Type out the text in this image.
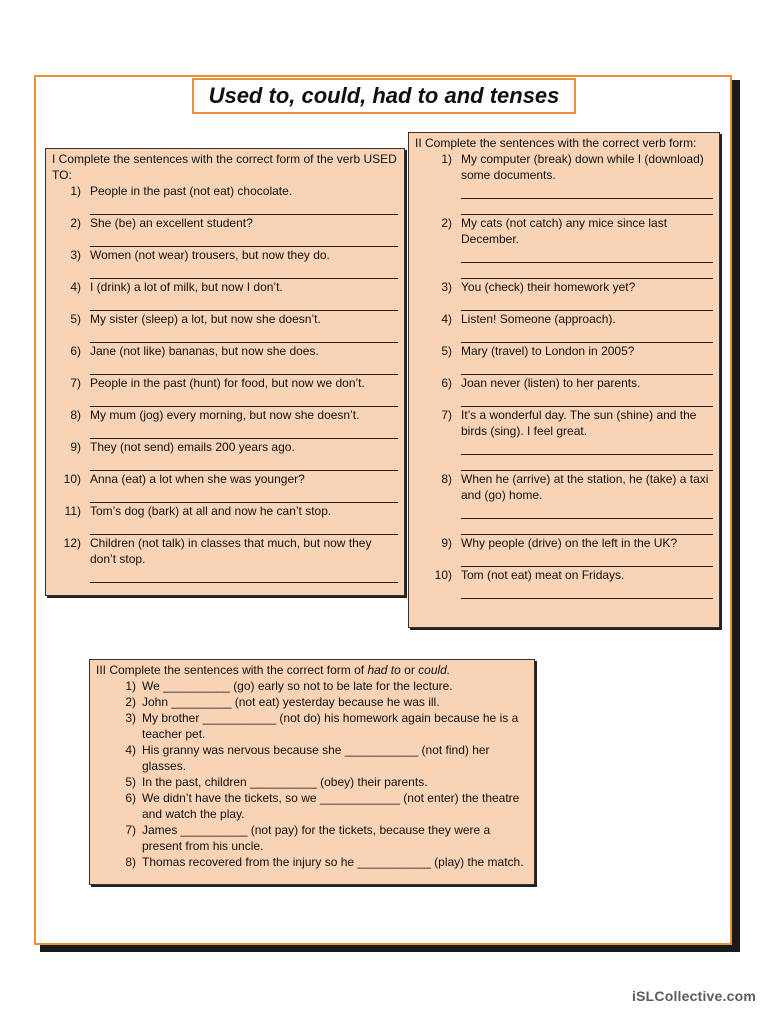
Used to, could, had to and tenses

I Complete the sentences with the correct form of the verb USED TO:

1) People in the past (not eat) chocolate.
2) She (be) an excellent student?
3) Women (not wear) trousers, but now they do.
4) I (drink) a lot of milk, but now I don’t.
5) My sister (sleep) a lot, but now she doesn’t.
6) Jane (not like) bananas, but now she does.
7) People in the past (hunt) for food, but now we don’t.
8) My mum (jog) every morning, but now she doesn’t.
9) They (not send) emails 200 years ago.
10) Anna (eat) a lot when she was younger?
11) Tom’s dog (bark) at all and now he can’t stop.
12) Children (not talk) in classes that much, but now they don’t stop.

II Complete the sentences with the correct verb form:

1) My computer (break) down while I (download) some documents.
2) My cats (not catch) any mice since last December.
3) You (check) their homework yet?
4) Listen! Someone (approach).
5) Mary (travel) to London in 2005?
6) Joan never (listen) to her parents.
7) It’s a wonderful day. The sun (shine) and the birds (sing). I feel great.
8) When he (arrive) at the station, he (take) a taxi and (go) home.
9) Why people (drive) on the left in the UK?
10) Tom (not eat) meat on Fridays.

III Complete the sentences with the correct form of had to or could.

1) We __________ (go) early so not to be late for the lecture.
2) John _________ (not eat) yesterday because he was ill.
3) My brother ___________ (not do) his homework again because he is a teacher pet.
4) His granny was nervous because she ___________ (not find) her glasses.
5) In the past, children __________ (obey) their parents.
6) We didn’t have the tickets, so we ____________ (not enter) the theatre and watch the play.
7) James __________ (not pay) for the tickets, because they were a present from his uncle.
8) Thomas recovered from the injury so he ___________ (play) the match.
iSLCollective.com
